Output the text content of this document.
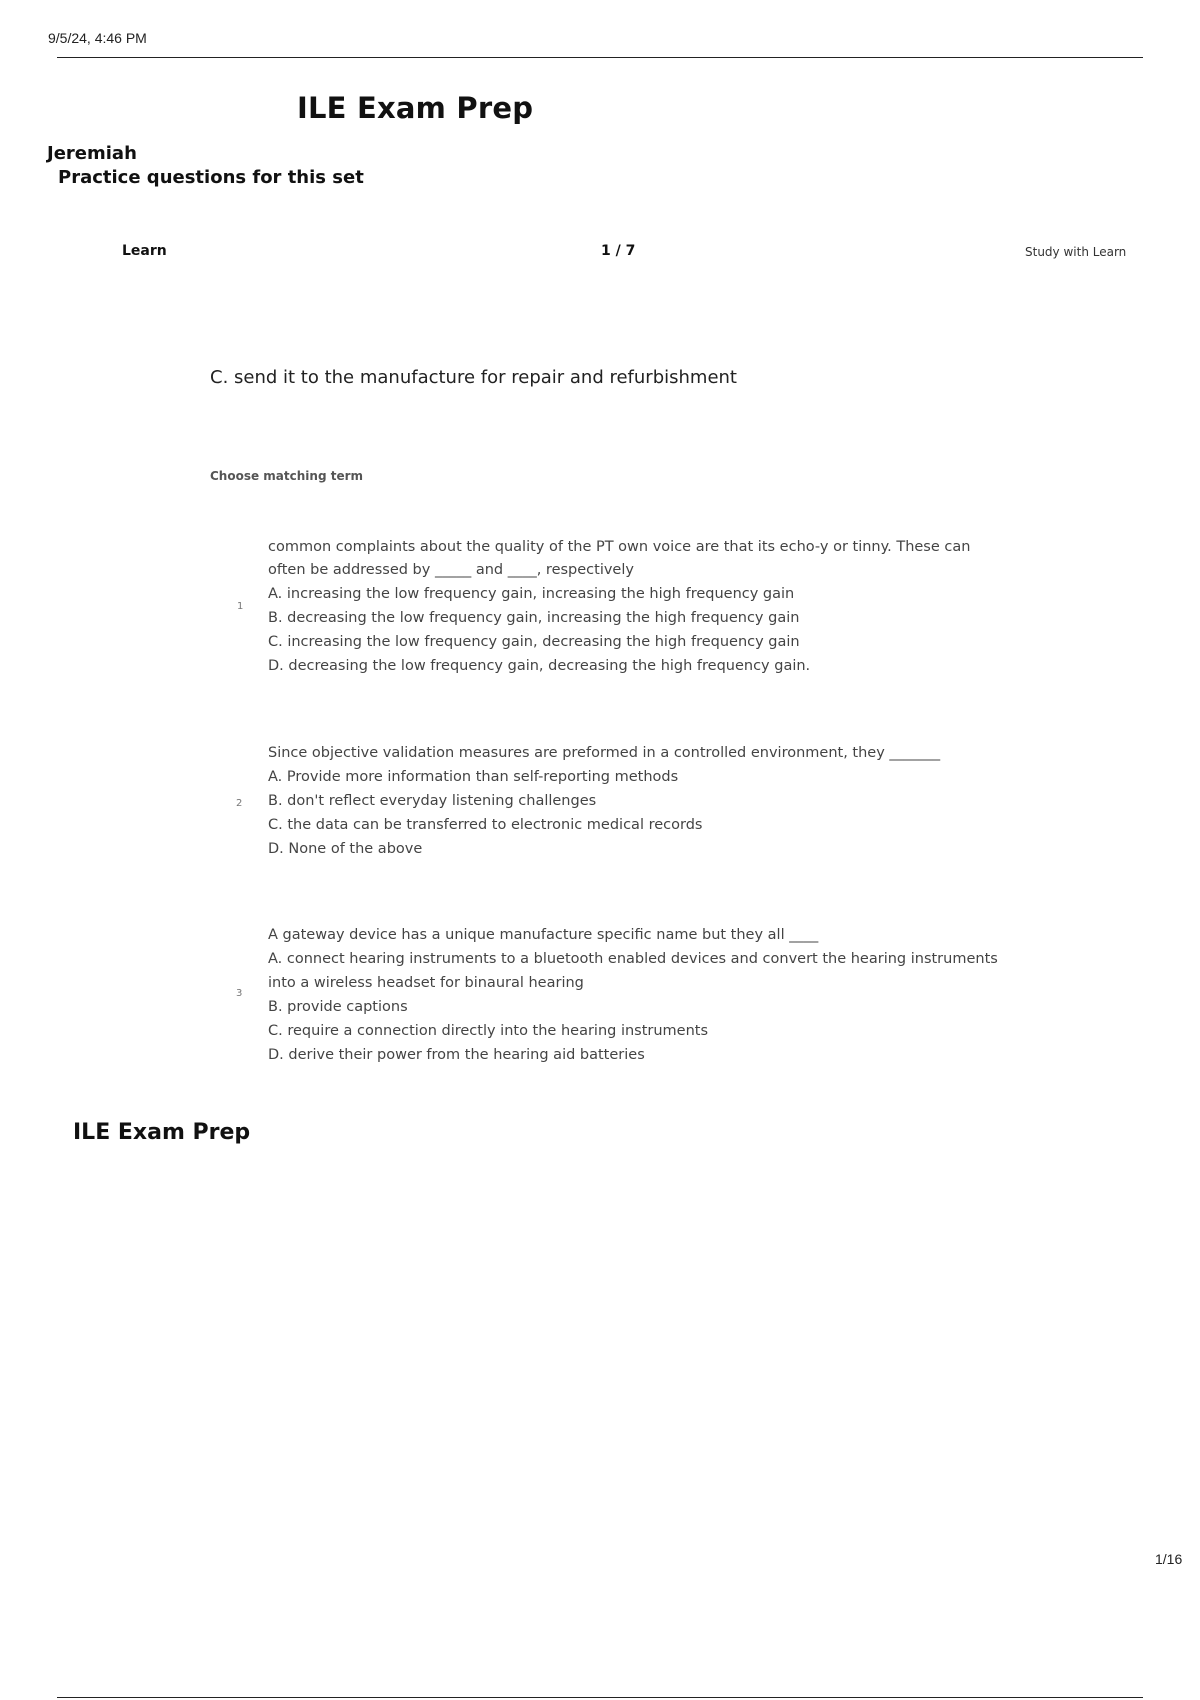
9/5/24, 4:46 PM
ILE Exam Prep
Jeremiah
Practice questions for this set
Learn	1 / 7	Study with Learn
C. send it to the manufacture for repair and refurbishment
Choose matching term
1
common complaints about the quality of the PT own voice are that its echo-y or tinny. These can
often be addressed by _____ and ____, respectively
A. increasing the low frequency gain, increasing the high frequency gain
B. decreasing the low frequency gain, increasing the high frequency gain
C. increasing the low frequency gain, decreasing the high frequency gain
D. decreasing the low frequency gain, decreasing the high frequency gain.
2
Since objective validation measures are preformed in a controlled environment, they _______
A. Provide more information than self-reporting methods
B. don't reflect everyday listening challenges
C. the data can be transferred to electronic medical records
D. None of the above
3
A gateway device has a unique manufacture specific name but they all ____
A. connect hearing instruments to a bluetooth enabled devices and convert the hearing instruments
into a wireless headset for binaural hearing
B. provide captions
C. require a connection directly into the hearing instruments
D. derive their power from the hearing aid batteries
ILE Exam Prep
1/16
